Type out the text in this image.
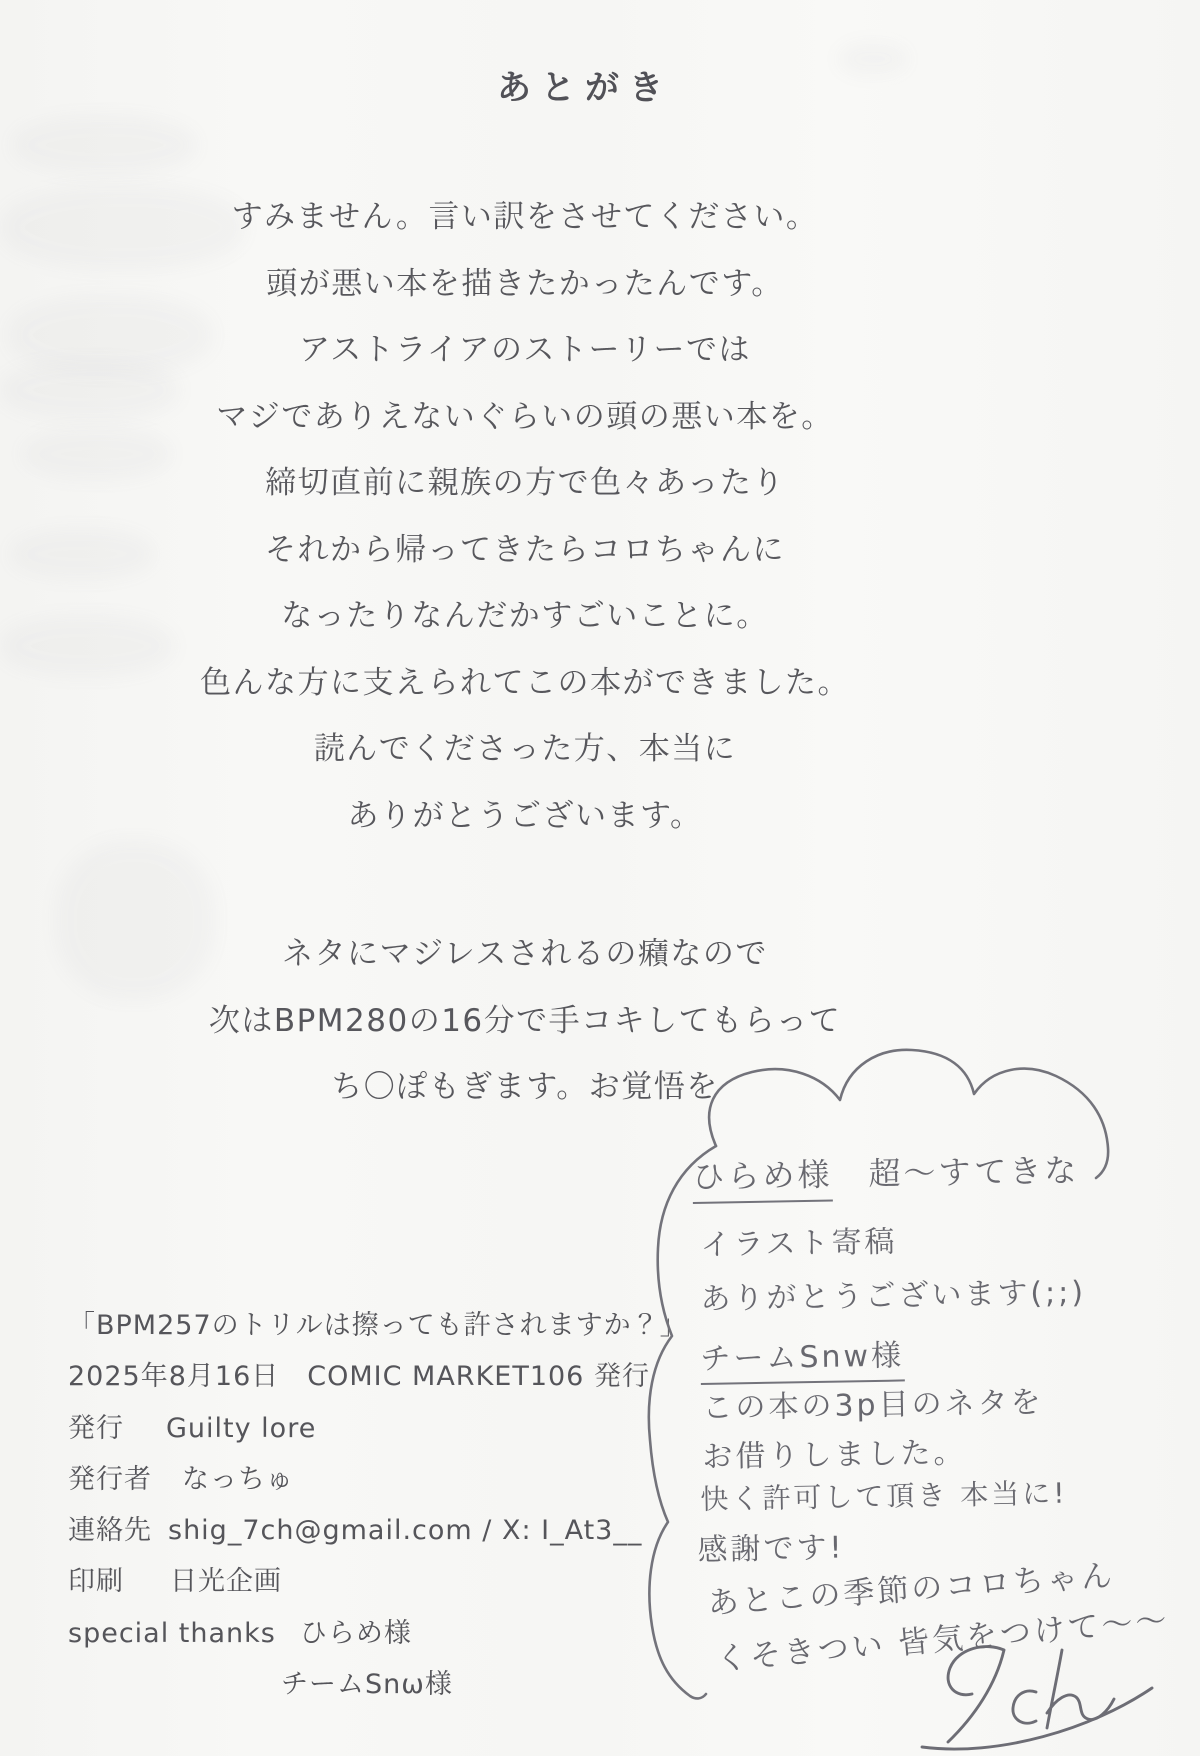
あとがき
すみません。言い訳をさせてください。
頭が悪い本を描きたかったんです。
アストライアのストーリーでは
マジでありえないぐらいの頭の悪い本を。
締切直前に親族の方で色々あったり
それから帰ってきたらコロちゃんに
なったりなんだかすごいことに。
色んな方に支えられてこの本ができました。
読んでくださった方、本当に
ありがとうございます。
ネタにマジレスされるの癪なので
次はBPM280の16分で手コキしてもらって
ち〇ぽもぎます。お覚悟を
「BPM257のトリルは擦っても許されますか？」
2025年8月16日　COMIC MARKET106 発行
発行 Guilty lore
発行者 なっちゅ
連絡先 shig_7ch@gmail.com / X: I_At3__
印刷 日光企画
special thanks ひらめ様
チームSnω様
ひらめ様 超〜すてきな
イラスト寄稿
ありがとうございます(;;)
チームSnw様
この本の3p目のネタを
お借りしました。
快く許可して頂き 本当に!
感謝です!
あとこの季節のコロちゃん
くそきつい 皆気をつけて〜〜
